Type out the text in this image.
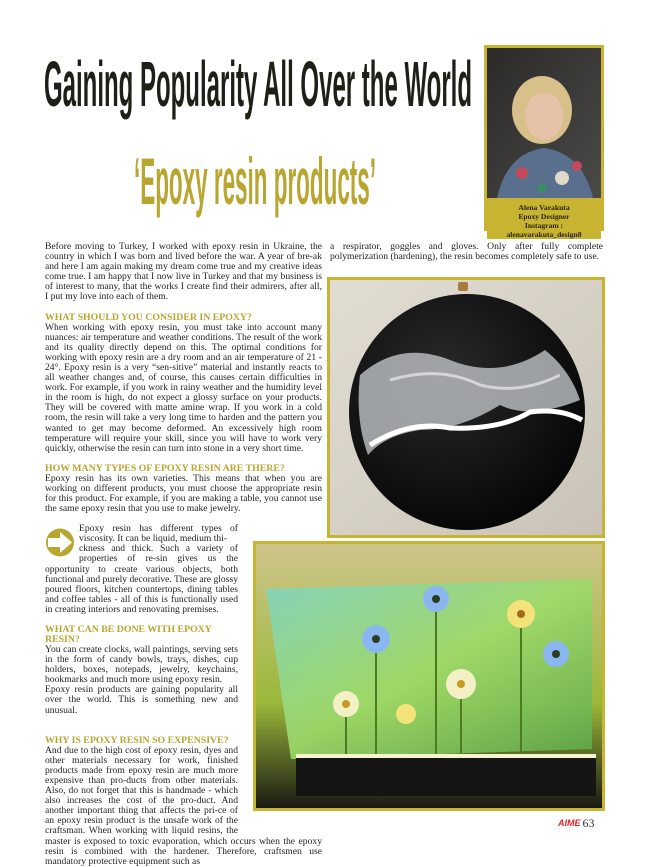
Gaining Popularity All Over the World
‘Epoxy resin products’	Alena Varakuta
Epoxy Designer
Instagram : alenavarakuta_design8
Before moving to Turkey, I worked with epoxy resin in Ukraine, the country in which I was born and lived before the war. A year of bre-ak and here I am again making my dream come true and my creative ideas come true. I am happy that I now live in Turkey and that my business is of interest to many, that the works I create find their admirers, after all, I put my love into each of them.
WHAT SHOULD YOU CONSIDER IN EPOXY?

When working with epoxy resin, you must take into account many nuances: air temperature and weather conditions. The result of the work and its quality directly depend on this. The optimal conditions for working with epoxy resin are a dry room and an air temperature of 21 - 24°. Epoxy resin is a very “sen-sitive” material and instantly reacts to all weather changes and, of course, this causes certain difficulties in work. For example, if you work in rainy weather and the humidity level in the room is high, do not expect a glossy surface on your products. They will be covered with matte amine wrap. If you work in a cold room, the resin will take a very long time to harden and the pattern you wanted to get may become deformed. An excessively high room temperature will require your skill, since you will have to work very quickly, otherwise the resin can turn into stone in a very short time.

HOW MANY TYPES OF EPOXY RESIN ARE THERE?

Epoxy resin has its own varieties. This means that when you are working on different products, you must choose the appropriate resin for this product. For example, if you are making a table, you cannot use the same epoxy resin that you use to make jewelry.

Epoxy resin has different types of viscosity. It can be liquid, medium thi-

ckness and thick. Such a variety of properties of re-sin gives us the opportunity to create various objects, both functional and purely decorative. These are glossy poured floors, kitchen countertops, dining tables and coffee tables - all of this is functionally used in creating interiors and renovating premises.

WHAT CAN BE DONE WITH EPOXY RESIN?

You can create clocks, wall paintings, serving sets in the form of candy bowls, trays, dishes, cup holders, boxes, notepads, jewelry, keychains, bookmarks and much more using epoxy resin.

Epoxy resin products are gaining popularity all over the world. This is something new and unusual.

WHY IS EPOXY RESIN SO EXPENSIVE?

And due to the high cost of epoxy resin, dyes and other materials necessary for work, finished products made from epoxy resin are much more expensive than pro-ducts from other materials. Also, do not forget that this is handmade - which also increases the cost of the pro-duct. And another important thing that affects the pri-ce of an epoxy resin product is the unsafe work of the craftsman. When working with liquid resins, the master is exposed to toxic evaporation, which occurs when the epoxy resin is combined with the hardener. Therefore, craftsmen use mandatory protective equipment such as

a respirator, goggles and gloves. Only after fully complete polymerization (hardening), the resin becomes completely safe to use.

AIME 63
